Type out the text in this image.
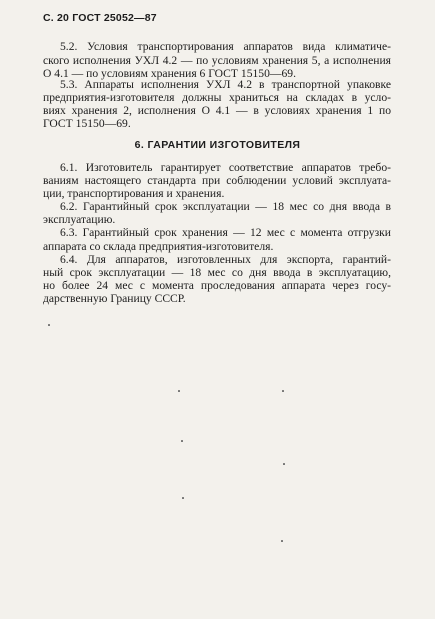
С. 20 ГОСТ 25052—87
5.2. Условия транспортирования аппаратов вида климатиче-
ского исполнения УХЛ 4.2 — по условиям хранения 5, а исполнения
О 4.1 — по условиям хранения 6 ГОСТ 15150—69.
5.3. Аппараты исполнения УХЛ 4.2 в транспортной упаковке
предприятия-изготовителя должны храниться на складах в усло-
виях хранения 2, исполнения О 4.1 — в условиях хранения 1 по
ГОСТ 15150—69.
6. ГАРАНТИИ ИЗГОТОВИТЕЛЯ
6.1. Изготовитель гарантирует соответствие аппаратов требо-
ваниям настоящего стандарта при соблюдении условий эксплуата-
ции, транспортирования и хранения.
6.2. Гарантийный срок эксплуатации — 18 мес со дня ввода в
эксплуатацию.
6.3. Гарантийный срок хранения — 12 мес с момента отгрузки
аппарата со склада предприятия-изготовителя.
6.4. Для аппаратов, изготовленных для экспорта, гарантий-
ный срок эксплуатации — 18 мес со дня ввода в эксплуатацию,
но более 24 мес с момента проследования аппарата через госу-
дарственную Границу СССР.
